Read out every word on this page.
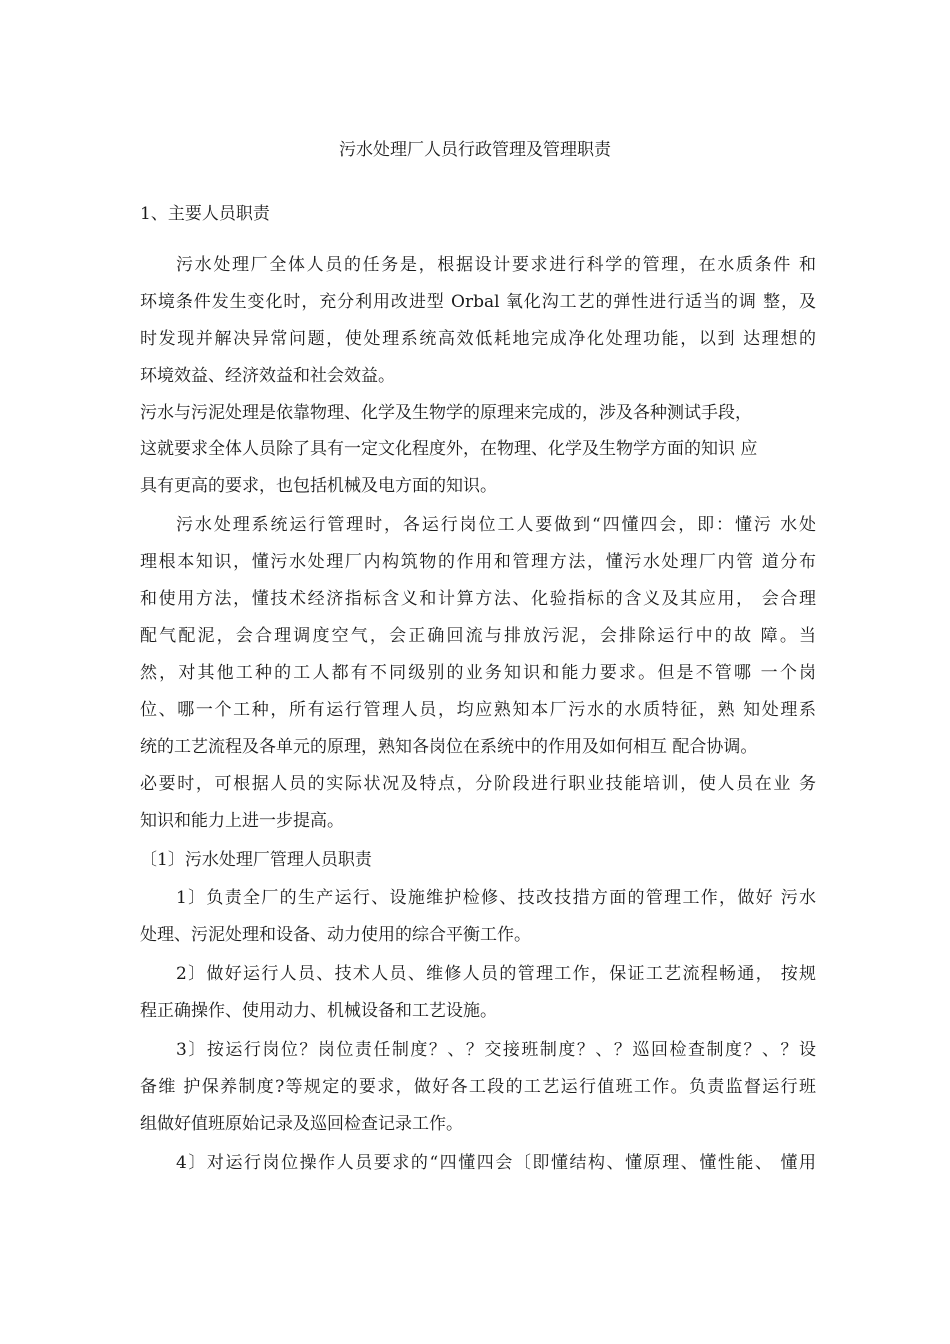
污水处理厂人员行政管理及管理职责
1、主要人员职责
污水处理厂全体人员的任务是，根据设计要求进行科学的管理，在水质条件 和
环境条件发生变化时，充分利用改进型 Orbal 氧化沟工艺的弹性进行适当的调 整，及
时发现并解决异常问题，使处理系统高效低耗地完成净化处理功能，以到 达理想的
环境效益、经济效益和社会效益。
污水与污泥处理是依靠物理、化学及生物学的原理来完成的，涉及各种测试手段，
这就要求全体人员除了具有一定文化程度外，在物理、化学及生物学方面的知识 应
具有更高的要求，也包括机械及电方面的知识。
污水处理系统运行管理时，各运行岗位工人要做到“四懂四会，即：懂污 水处
理根本知识，懂污水处理厂内构筑物的作用和管理方法，懂污水处理厂内管 道分布
和使用方法，懂技术经济指标含义和计算方法、化验指标的含义及其应用， 会合理
配气配泥，会合理调度空气，会正确回流与排放污泥，会排除运行中的故 障。当
然，对其他工种的工人都有不同级别的业务知识和能力要求。但是不管哪 一个岗
位、哪一个工种，所有运行管理人员，均应熟知本厂污水的水质特征，熟 知处理系
统的工艺流程及各单元的原理，熟知各岗位在系统中的作用及如何相互 配合协调。
必要时，可根据人员的实际状况及特点，分阶段进行职业技能培训，使人员在业 务
知识和能力上进一步提高。
〔1〕污水处理厂管理人员职责
1〕负责全厂的生产运行、设施维护检修、技改技措方面的管理工作，做好 污水
处理、污泥处理和设备、动力使用的综合平衡工作。
2〕做好运行人员、技术人员、维修人员的管理工作，保证工艺流程畅通， 按规
程正确操作、使用动力、机械设备和工艺设施。
3〕按运行岗位？岗位责任制度？、？交接班制度？、？巡回检查制度？、？设
备维 护保养制度?等规定的要求，做好各工段的工艺运行值班工作。负责监督运行班
组做好值班原始记录及巡回检查记录工作。
4〕对运行岗位操作人员要求的“四懂四会〔即懂结构、懂原理、懂性能、 懂用
